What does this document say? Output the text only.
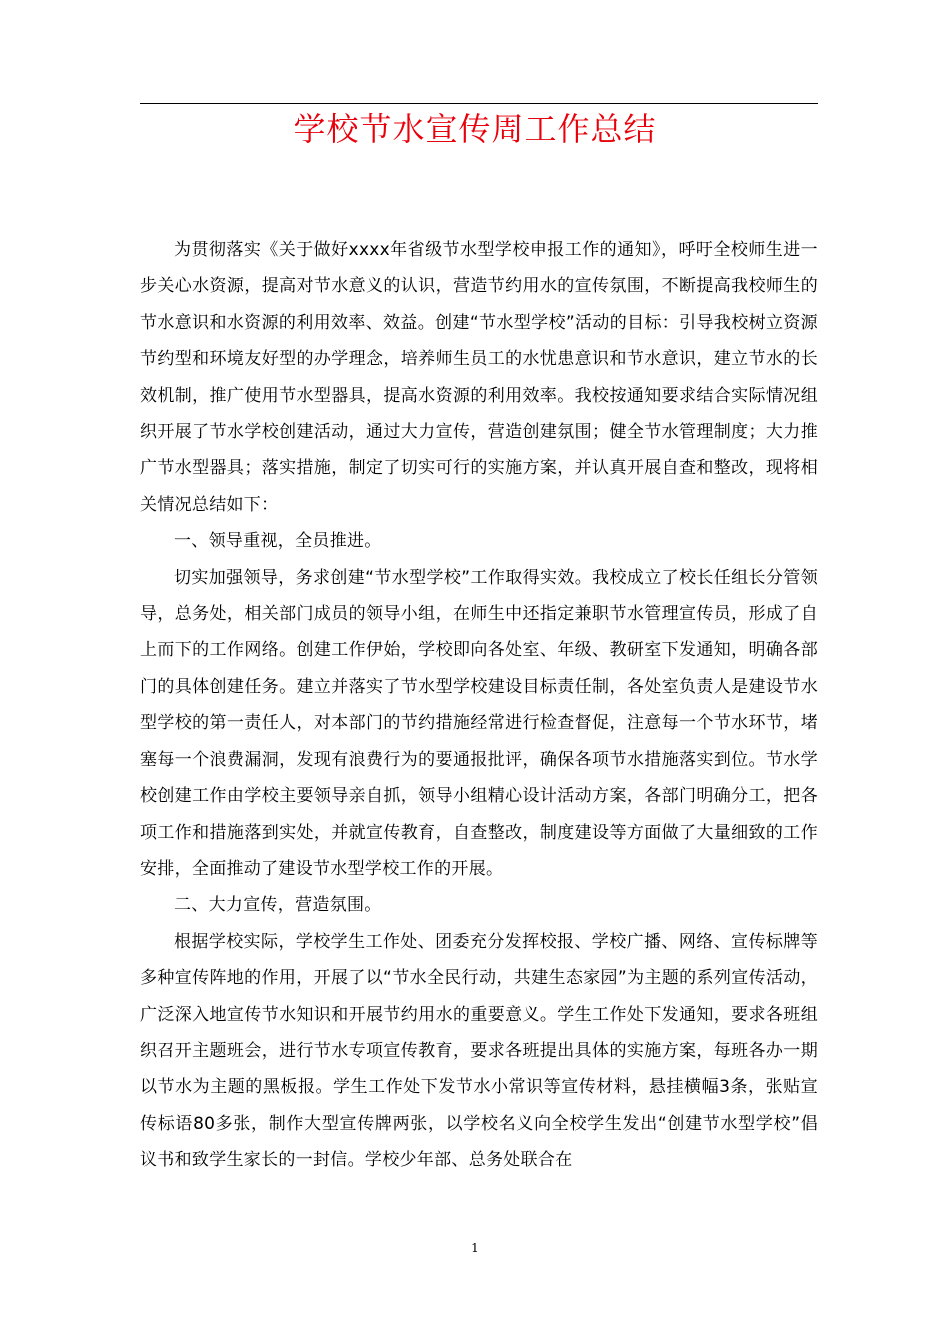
学校节水宣传周工作总结

为贯彻落实《关于做好xxxx年省级节水型学校申报工作的通知》，呼吁全校师生进一步关心水资源，提高对节水意义的认识，营造节约用水的宣传氛围，不断提高我校师生的节水意识和水资源的利用效率、效益。创建“节水型学校”活动的目标：引导我校树立资源节约型和环境友好型的办学理念，培养师生员工的水忧患意识和节水意识，建立节水的长效机制，推广使用节水型器具，提高水资源的利用效率。我校按通知要求结合实际情况组织开展了节水学校创建活动，通过大力宣传，营造创建氛围；健全节水管理制度；大力推广节水型器具；落实措施，制定了切实可行的实施方案，并认真开展自查和整改，现将相关情况总结如下：

一、领导重视，全员推进。

切实加强领导，务求创建“节水型学校”工作取得实效。我校成立了校长任组长分管领导，总务处，相关部门成员的领导小组，在师生中还指定兼职节水管理宣传员，形成了自上而下的工作网络。创建工作伊始，学校即向各处室、年级、教研室下发通知，明确各部门的具体创建任务。建立并落实了节水型学校建设目标责任制，各处室负责人是建设节水型学校的第一责任人，对本部门的节约措施经常进行检查督促，注意每一个节水环节，堵塞每一个浪费漏洞，发现有浪费行为的要通报批评，确保各项节水措施落实到位。节水学校创建工作由学校主要领导亲自抓，领导小组精心设计活动方案，各部门明确分工，把各项工作和措施落到实处，并就宣传教育，自查整改，制度建设等方面做了大量细致的工作安排，全面推动了建设节水型学校工作的开展。

二、大力宣传，营造氛围。

根据学校实际，学校学生工作处、团委充分发挥校报、学校广播、网络、宣传标牌等多种宣传阵地的作用，开展了以“节水全民行动，共建生态家园”为主题的系列宣传活动，广泛深入地宣传节水知识和开展节约用水的重要意义。学生工作处下发通知，要求各班组织召开主题班会，进行节水专项宣传教育，要求各班提出具体的实施方案，每班各办一期以节水为主题的黑板报。学生工作处下发节水小常识等宣传材料，悬挂横幅3条，张贴宣传标语80多张，制作大型宣传牌两张，以学校名义向全校学生发出“创建节水型学校”倡议书和致学生家长的一封信。学校少年部、总务处联合在

1
